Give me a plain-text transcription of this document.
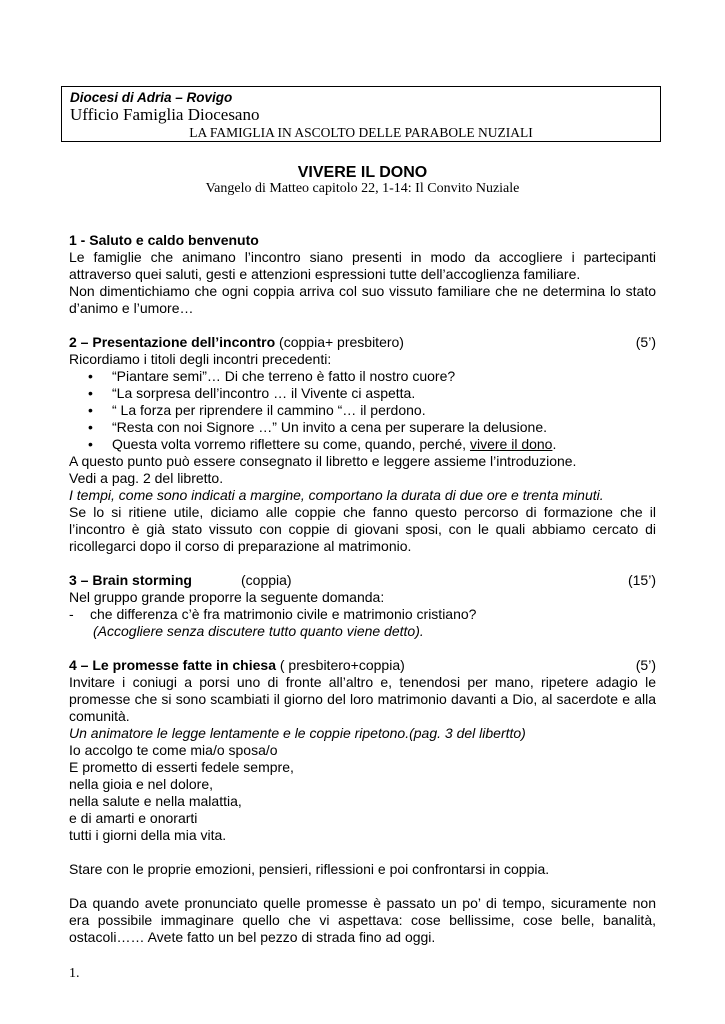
Diocesi di Adria – Rovigo
Ufficio Famiglia Diocesano
LA FAMIGLIA IN ASCOLTO DELLE PARABOLE NUZIALI
VIVERE IL DONO
Vangelo di Matteo capitolo 22, 1-14: Il Convito Nuziale

1 - Saluto e caldo benvenuto

Le famiglie che animano l’incontro siano presenti in modo da accogliere i partecipanti attraverso quei saluti, gesti e attenzioni espressioni tutte dell’accoglienza familiare.

Non dimentichiamo che ogni coppia arriva col suo vissuto familiare che ne determina lo stato d’animo e l’umore…

2 – Presentazione dell’incontro (coppia+ presbitero)	(5’)

Ricordiamo i titoli degli incontri precedenti:

• “Piantare semi”… Di che terreno è fatto il nostro cuore?
• “La sorpresa dell’incontro … il Vivente ci aspetta.
• “ La forza per riprendere il cammino “… il perdono.
• “Resta con noi Signore …” Un invito a cena per superare la delusione.
• Questa volta vorremo riflettere su come, quando, perché, vivere il dono.

A questo punto può essere consegnato il libretto e leggere assieme l’introduzione.

Vedi a pag. 2 del libretto.

I tempi, come sono indicati a margine, comportano la durata di due ore e trenta minuti.

Se lo si ritiene utile, diciamo alle coppie che fanno questo percorso di formazione che il l’incontro è già stato vissuto con coppie di giovani sposi, con le quali abbiamo cercato di ricollegarci dopo il corso di preparazione al matrimonio.

3 – Brain storming	(coppia)	(15’)

Nel gruppo grande proporre la seguente domanda:

- che differenza c’è fra matrimonio civile e matrimonio cristiano?

(Accogliere senza discutere tutto quanto viene detto).

4 – Le promesse fatte in chiesa ( presbitero+coppia)	(5’)

Invitare i coniugi a porsi uno di fronte all’altro e, tenendosi per mano, ripetere adagio le promesse che si sono scambiati il giorno del loro matrimonio davanti a Dio, al sacerdote e alla comunità.

Un animatore le legge lentamente e le coppie ripetono.(pag. 3 del libertto)

Io accolgo te come mia/o sposa/o

E prometto di esserti fedele sempre,

nella gioia e nel dolore,

nella salute e nella malattia,

e di amarti e onorarti

tutti i giorni della mia vita.

Stare con le proprie emozioni, pensieri, riflessioni e poi confrontarsi in coppia.

Da quando avete pronunciato quelle promesse è passato un po’ di tempo, sicuramente non era possibile immaginare quello che vi aspettava: cose bellissime, cose belle, banalità, ostacoli…… Avete fatto un bel pezzo di strada fino ad oggi.

1.
